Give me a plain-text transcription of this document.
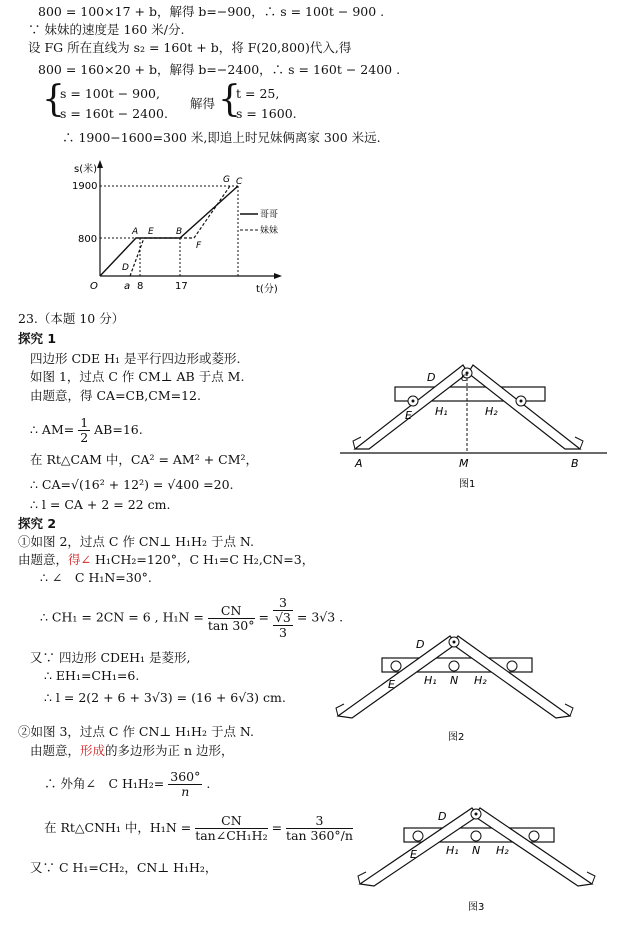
800 = 100×17 + b，解得 b=−900，∴ s = 100t − 900 .
∵ 妹妹的速度是 160 米/分.
设 FG 所在直线为 s₂ = 160t + b，将 F(20,800)代入,得
800 = 160×20 + b，解得 b=−2400，∴ s = 160t − 2400 .
{
s = 100t − 900,
s = 160t − 2400.
解得 {
t = 25,
s = 1600.
∴ 1900−1600=300 米,即追上时兄妹俩离家 300 米远.
s(米)
t(分)
1900
800
O	a 8	17
A E B
D
F
G C
哥哥
妹妹
23.（本题 10 分）
探究 1
四边形 CDE H₁ 是平行四边形或菱形.
如图 1，过点 C 作 CM⊥ AB 于点 M.
由题意，得 CA=CB,CM=12.
∴ $AM= \frac{1}{2} AB=16$.
在 Rt△CAM 中，CA² = AM² + CM²，
∴ CA=√(16² + 12²) = √400 =20.
∴ l = CA + 2 = 22 cm.
探究 2
①如图 2，过点 C 作 CN⊥ H₁H₂ 于点 N.
由题意，得∠ H₁CH₂=120°，C H₁=C H₂,CN=3，
∴ ∠　C H₁N=30°.
∴ CH₁ = 2CN = 6 , $H_1N = \frac{CN}{\tan 30^\circ} = \frac{3}{\frac{√3}{3}} = 3√3$ .
又∵ 四边形 CDEH₁ 是菱形,
∴ EH₁=CH₁=6.
∴ l = 2(2 + 6 + 3√3) = (16 + 6√3) cm.
②如图 3，过点 C 作 CN⊥ H₁H₂ 于点 N.
由题意，形成的多边形为正 n 边形，
∴ 外角∠　C $H_1H_2= \frac{360^\circ}{n}$ .
在 Rt△CNH₁ 中，$H_1N = \frac{CN}{\text{tan∠CH₁H₂}} = \frac{3}{\tan 360^\circ/n}$
又∵ C H₁=CH₂，CN⊥ H₁H₂，
A	M	B
D	C
E H₁	H₂
图1
D
E	H₁ N H₂
图2
D
E	H₁ N H₂
图3
